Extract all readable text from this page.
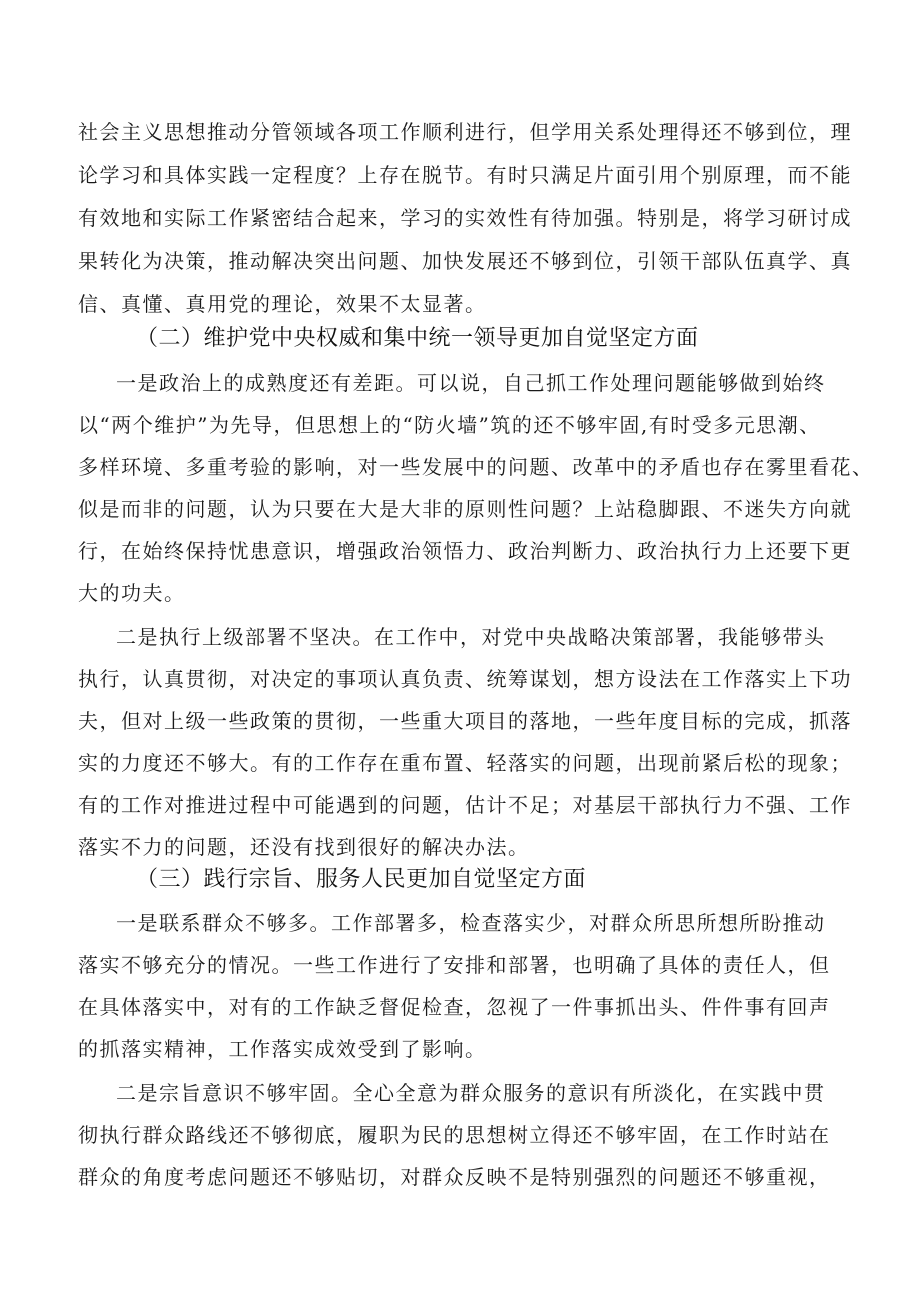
社会主义思想推动分管领域各项工作顺利进行，但学用关系处理得还不够到位，理
论学习和具体实践一定程度？上存在脱节。有时只满足片面引用个别原理，而不能
有效地和实际工作紧密结合起来，学习的实效性有待加强。特别是，将学习研讨成
果转化为决策，推动解决突出问题、加快发展还不够到位，引领干部队伍真学、真
信、真懂、真用党的理论，效果不太显著。
（二）维护党中央权威和集中统一领导更加自觉坚定方面
一是政治上的成熟度还有差距。可以说，自己抓工作处理问题能够做到始终
以“两个维护”为先导，但思想上的“防火墙”筑的还不够牢固,有时受多元思潮、
多样环境、多重考验的影响，对一些发展中的问题、改革中的矛盾也存在雾里看花、
似是而非的问题，认为只要在大是大非的原则性问题？上站稳脚跟、不迷失方向就
行，在始终保持忧患意识，增强政治领悟力、政治判断力、政治执行力上还要下更
大的功夫。
二是执行上级部署不坚决。在工作中，对党中央战略决策部署，我能够带头
执行，认真贯彻，对决定的事项认真负责、统筹谋划，想方设法在工作落实上下功
夫，但对上级一些政策的贯彻，一些重大项目的落地，一些年度目标的完成，抓落
实的力度还不够大。有的工作存在重布置、轻落实的问题，出现前紧后松的现象；
有的工作对推进过程中可能遇到的问题，估计不足；对基层干部执行力不强、工作
落实不力的问题，还没有找到很好的解决办法。
（三）践行宗旨、服务人民更加自觉坚定方面
一是联系群众不够多。工作部署多，检查落实少，对群众所思所想所盼推动
落实不够充分的情况。一些工作进行了安排和部署，也明确了具体的责任人，但
在具体落实中，对有的工作缺乏督促检查，忽视了一件事抓出头、件件事有回声
的抓落实精神，工作落实成效受到了影响。
二是宗旨意识不够牢固。全心全意为群众服务的意识有所淡化，在实践中贯
彻执行群众路线还不够彻底，履职为民的思想树立得还不够牢固，在工作时站在
群众的角度考虑问题还不够贴切，对群众反映不是特别强烈的问题还不够重视，
